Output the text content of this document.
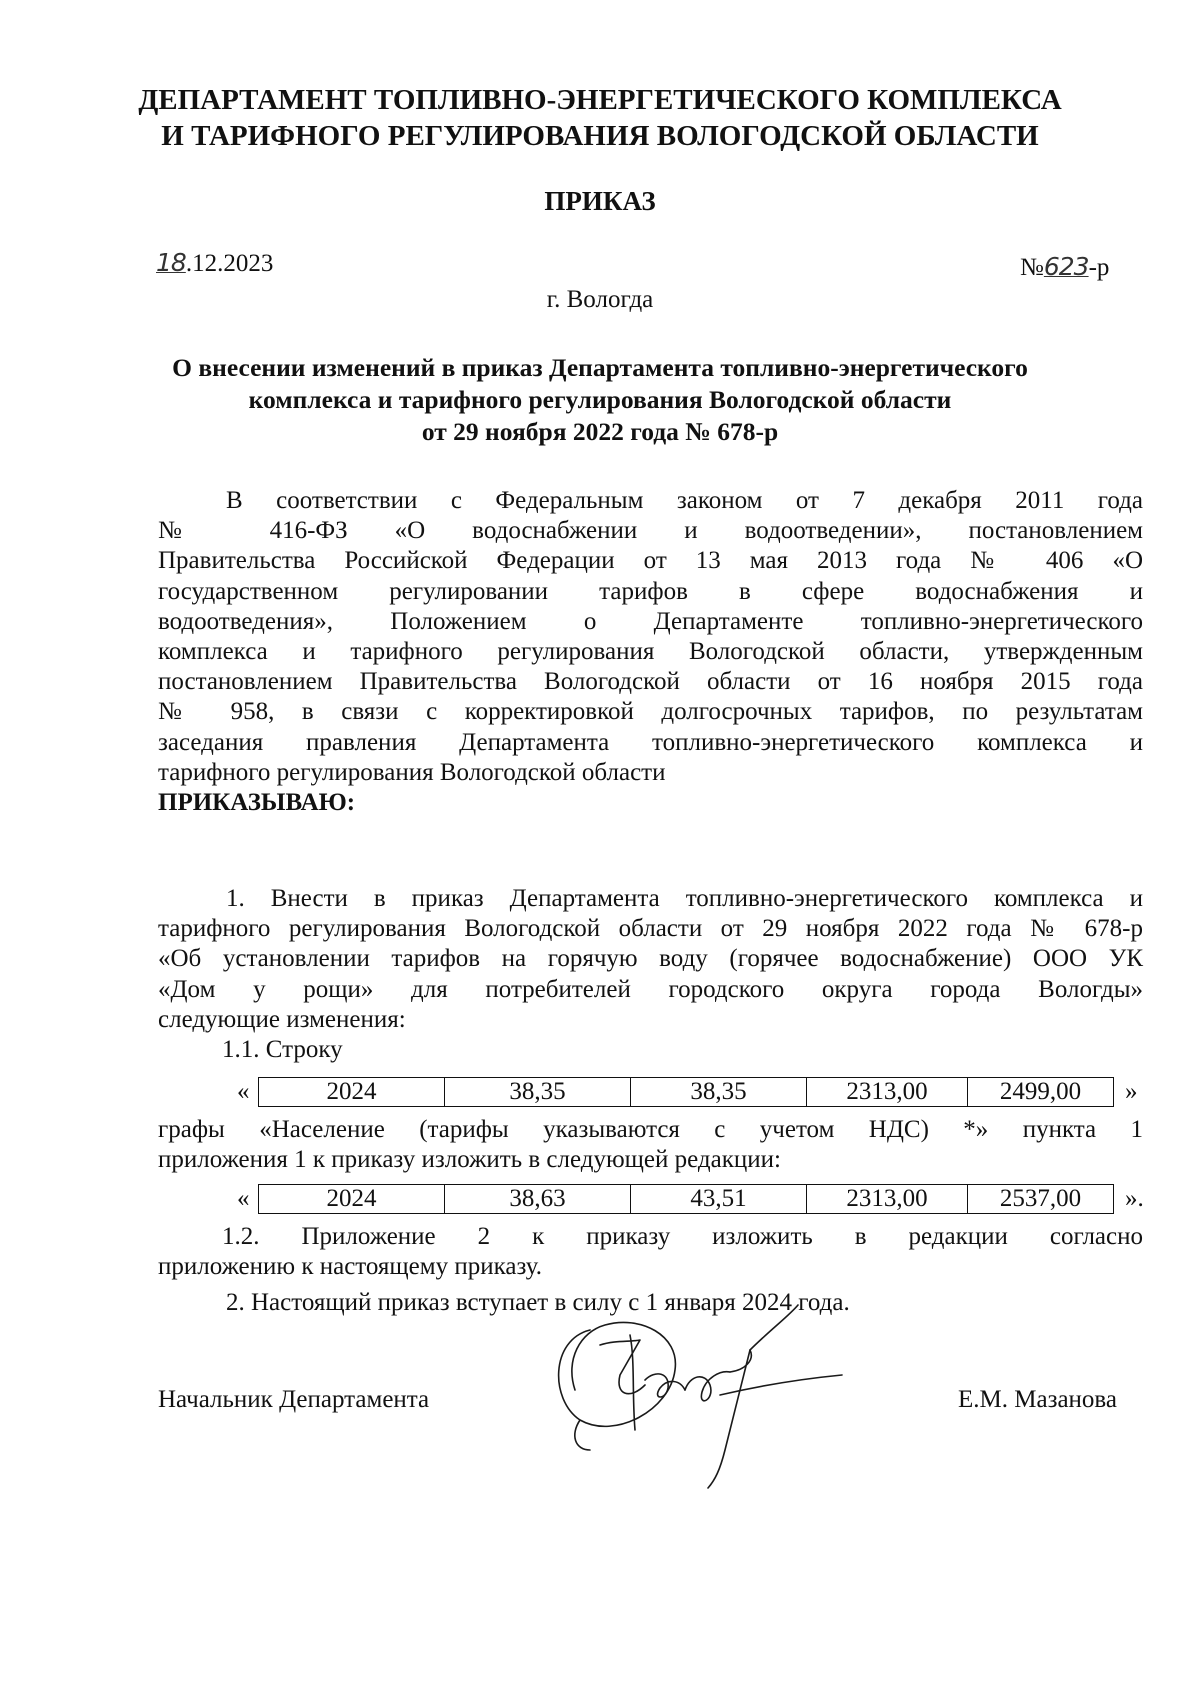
ДЕПАРТАМЕНТ ТОПЛИВНО-ЭНЕРГЕТИЧЕСКОГО КОМПЛЕКСА
И ТАРИФНОГО РЕГУЛИРОВАНИЯ ВОЛОГОДСКОЙ ОБЛАСТИ
ПРИКАЗ
18.12.2023	№623-р
г. Вологда
О внесении изменений в приказ Департамента топливно-энергетического
комплекса и тарифного регулирования Вологодской области
от 29 ноября 2022 года № 678-р
В соответствии с Федеральным законом от 7 декабря 2011 года
№ 416-ФЗ «О водоснабжении и водоотведении», постановлением
Правительства Российской Федерации от 13 мая 2013 года № 406 «О
государственном регулировании тарифов в сфере водоснабжения и
водоотведения», Положением о Департаменте топливно-энергетического
комплекса и тарифного регулирования Вологодской области, утвержденным
постановлением Правительства Вологодской области от 16 ноября 2015 года
№ 958, в связи с корректировкой долгосрочных тарифов, по результатам
заседания правления Департамента топливно-энергетического комплекса и
тарифного регулирования Вологодской области
ПРИКАЗЫВАЮ:
1. Внести в приказ Департамента топливно-энергетического комплекса и
тарифного регулирования Вологодской области от 29 ноября 2022 года № 678-р
«Об установлении тарифов на горячую воду (горячее водоснабжение) ООО УК
«Дом у рощи» для потребителей городского округа города Вологды»
следующие изменения:
1.1. Строку
«	2024	38,35	38,35	2313,00	2499,00 »
графы «Население (тарифы указываются с учетом НДС) *» пункта 1
приложения 1 к приказу изложить в следующей редакции:
«	2024	38,63	43,51	2313,00	2537,00 ».
1.2. Приложение 2 к приказу изложить в редакции согласно
приложению к настоящему приказу.
2. Настоящий приказ вступает в силу с 1 января 2024 года.
Начальник Департамента	Е.М. Мазанова
